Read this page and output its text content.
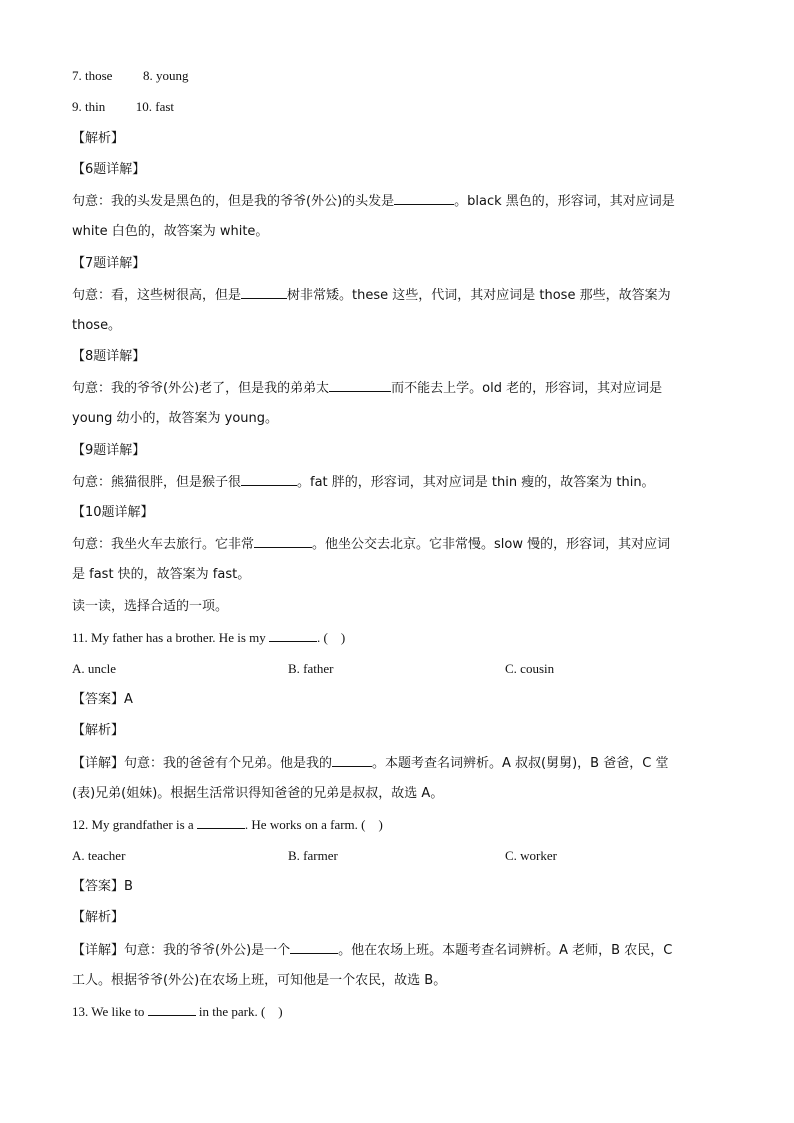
7. those 8. young
9. thin 10. fast
【解析】
【6题详解】
句意：我的头发是黑色的，但是我的爷爷(外公)的头发是	。black 黑色的，形容词，其对应词是
white 白色的，故答案为 white。
【7题详解】
句意：看，这些树很高，但是	树非常矮。these 这些，代词，其对应词是 those 那些，故答案为
those。
【8题详解】
句意：我的爷爷(外公)老了，但是我的弟弟太	而不能去上学。old 老的，形容词，其对应词是
young 幼小的，故答案为 young。
【9题详解】
句意：熊猫很胖，但是猴子很	。fat 胖的，形容词，其对应词是 thin 瘦的，故答案为 thin。
【10题详解】
句意：我坐火车去旅行。它非常	。他坐公交去北京。它非常慢。slow 慢的，形容词，其对应词
是 fast 快的，故答案为 fast。
读一读，选择合适的一项。
11. My father has a brother. He is my	. (　)
A. uncle	B. father	C. cousin
【答案】A
【解析】
【详解】句意：我的爸爸有个兄弟。他是我的	。本题考查名词辨析。A 叔叔(舅舅)，B 爸爸，C 堂
(表)兄弟(姐妹)。根据生活常识得知爸爸的兄弟是叔叔，故选 A。
12. My grandfather is a	. He works on a farm. (　)
A. teacher	B. farmer	C. worker
【答案】B
【解析】
【详解】句意：我的爷爷(外公)是一个	。他在农场上班。本题考查名词辨析。A 老师，B 农民，C
工人。根据爷爷(外公)在农场上班，可知他是一个农民，故选 B。
13. We like to	in the park. (　)
